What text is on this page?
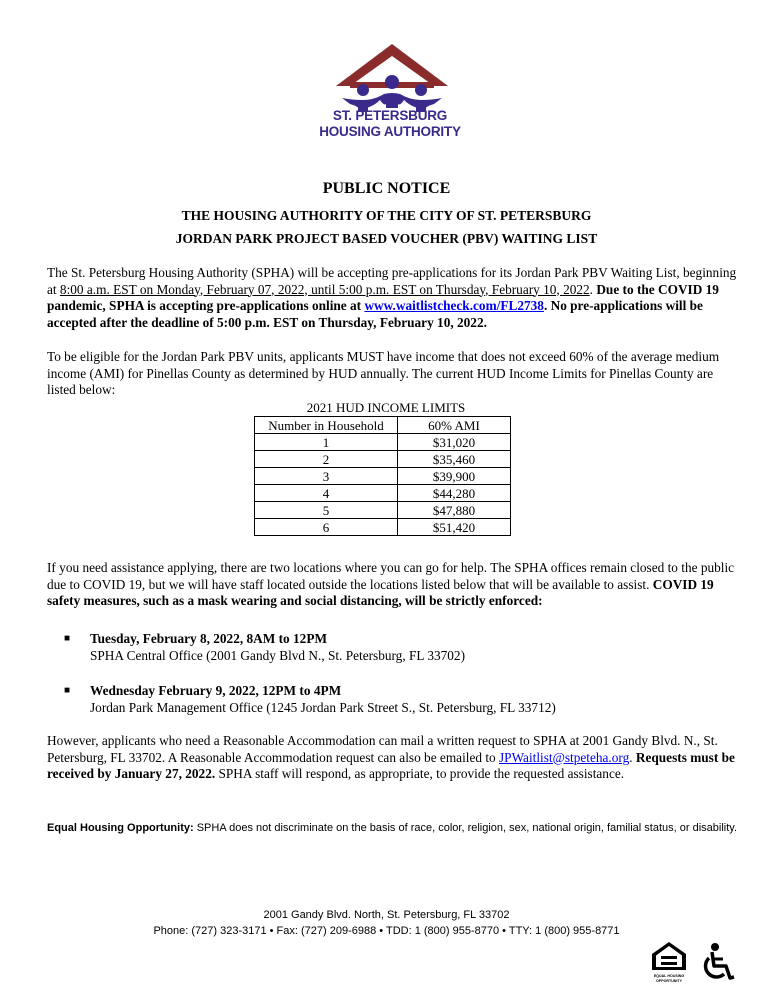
ST. PETERSBURG
HOUSING AUTHORITY
PUBLIC NOTICE
THE HOUSING AUTHORITY OF THE CITY OF ST. PETERSBURG
JORDAN PARK PROJECT BASED VOUCHER (PBV) WAITING LIST
The St. Petersburg Housing Authority (SPHA) will be accepting pre-applications for its Jordan Park PBV Waiting List, beginning at 8:00 a.m. EST on Monday, February 07, 2022, until 5:00 p.m. EST on Thursday, February 10, 2022. Due to the COVID 19 pandemic, SPHA is accepting pre-applications online at www.waitlistcheck.com/FL2738. No pre-applications will be accepted after the deadline of 5:00 p.m. EST on Thursday, February 10, 2022.
To be eligible for the Jordan Park PBV units, applicants MUST have income that does not exceed 60% of the average medium income (AMI) for Pinellas County as determined by HUD annually. The current HUD Income Limits for Pinellas County are listed below:
2021 HUD INCOME LIMITS
Number in Household	60% AMI
1	$31,020
2	$35,460
3	$39,900
4	$44,280
5	$47,880
6	$51,420
If you need assistance applying, there are two locations where you can go for help. The SPHA offices remain closed to the public due to COVID 19, but we will have staff located outside the locations listed below that will be available to assist. COVID 19 safety measures, such as a mask wearing and social distancing, will be strictly enforced:
■ Tuesday, February 8, 2022, 8AM to 12PM
SPHA Central Office (2001 Gandy Blvd N., St. Petersburg, FL 33702)
■ Wednesday February 9, 2022, 12PM to 4PM
Jordan Park Management Office (1245 Jordan Park Street S., St. Petersburg, FL 33712)
However, applicants who need a Reasonable Accommodation can mail a written request to SPHA at 2001 Gandy Blvd. N., St. Petersburg, FL 33702. A Reasonable Accommodation request can also be emailed to JPWaitlist@stpeteha.org. Requests must be received by January 27, 2022. SPHA staff will respond, as appropriate, to provide the requested assistance.
Equal Housing Opportunity: SPHA does not discriminate on the basis of race, color, religion, sex, national origin, familial status, or disability.
2001 Gandy Blvd. North, St. Petersburg, FL 33702
Phone: (727) 323-3171 • Fax: (727) 209-6988 • TDD: 1 (800) 955-8770 • TTY: 1 (800) 955-8771
EQUAL HOUSING
OPPORTUNITY
